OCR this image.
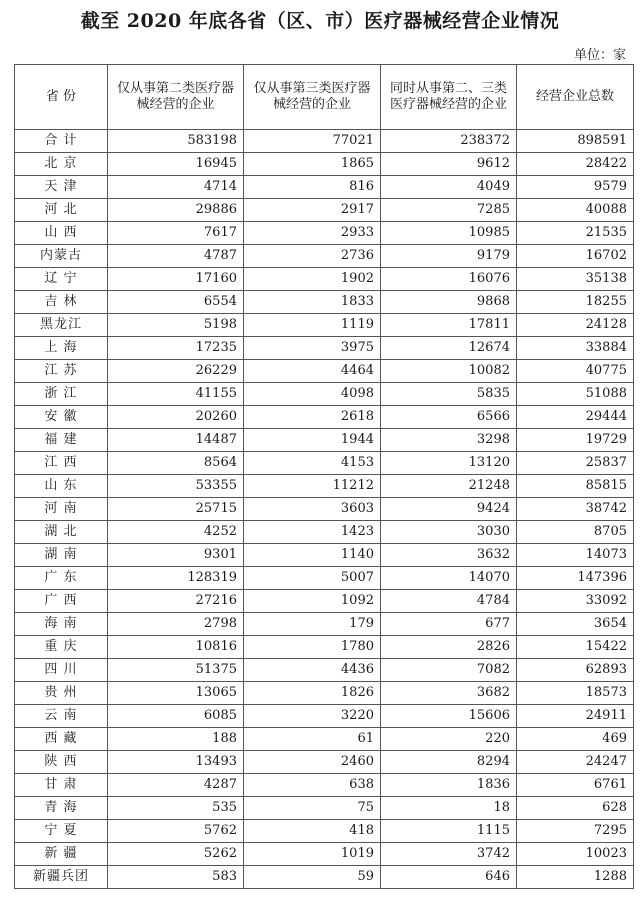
截至 2020 年底各省（区、市）医疗器械经营企业情况
单位：家
省 份	仅从事第二类医疗器械经营的企业	仅从事第三类医疗器械经营的企业	同时从事第二、三类医疗器械经营的企业	经营企业总数
合 计	583198	77021	238372	898591
北 京	16945	1865	9612	28422
天 津	4714	816	4049	9579
河 北	29886	2917	7285	40088
山 西	7617	2933	10985	21535
内蒙古	4787	2736	9179	16702
辽 宁	17160	1902	16076	35138
吉 林	6554	1833	9868	18255
黑龙江	5198	1119	17811	24128
上 海	17235	3975	12674	33884
江 苏	26229	4464	10082	40775
浙 江	41155	4098	5835	51088
安 徽	20260	2618	6566	29444
福 建	14487	1944	3298	19729
江 西	8564	4153	13120	25837
山 东	53355	11212	21248	85815
河 南	25715	3603	9424	38742
湖 北	4252	1423	3030	8705
湖 南	9301	1140	3632	14073
广 东	128319	5007	14070	147396
广 西	27216	1092	4784	33092
海 南	2798	179	677	3654
重 庆	10816	1780	2826	15422
四 川	51375	4436	7082	62893
贵 州	13065	1826	3682	18573
云 南	6085	3220	15606	24911
西 藏	188	61	220	469
陕 西	13493	2460	8294	24247
甘 肃	4287	638	1836	6761
青 海	535	75	18	628
宁 夏	5762	418	1115	7295
新 疆	5262	1019	3742	10023
新疆兵团	583	59	646	1288
